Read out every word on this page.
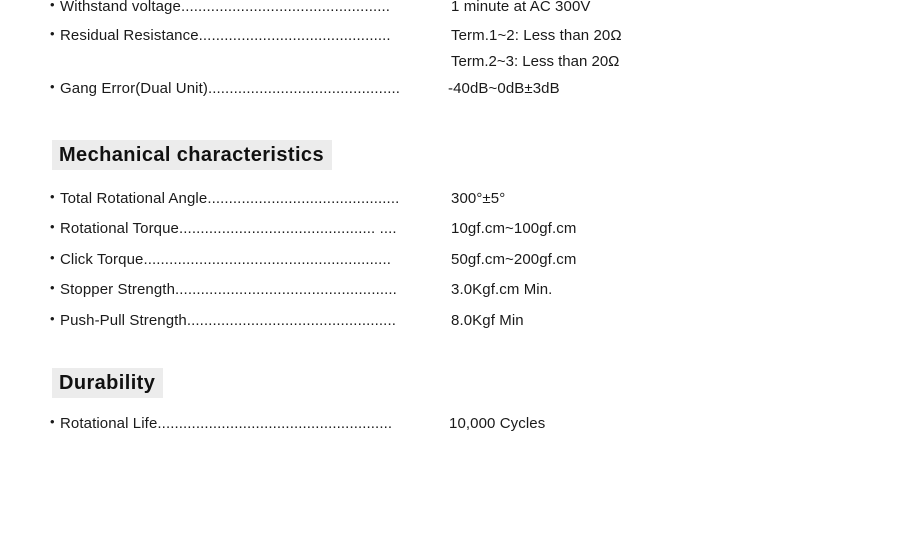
• Withstand voltage.................................................	1 minute at AC 300V
• Residual Resistance.............................................	Term.1~2: Less than 20Ω
Term.2~3: Less than 20Ω
• Gang Error(Dual Unit).............................................	-40dB~0dB±3dB
Mechanical characteristics
• Total Rotational Angle.............................................	300°±5°
• Rotational Torque.............................................. ....	10gf.cm~100gf.cm
• Click Torque..........................................................	50gf.cm~200gf.cm
• Stopper Strength....................................................	3.0Kgf.cm Min.
• Push-Pull Strength.................................................	8.0Kgf Min
Durability
• Rotational Life.......................................................	10,000 Cycles
